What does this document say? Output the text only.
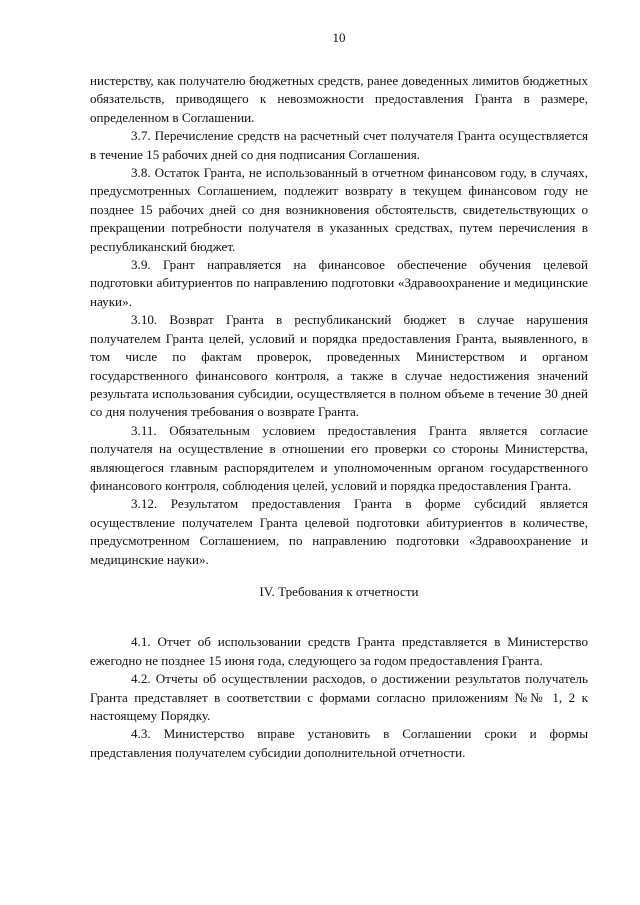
10

нистерству, как получателю бюджетных средств, ранее доведенных лимитов бюджетных обязательств, приводящего к невозможности предоставления Гранта в размере, определенном в Соглашении.

3.7. Перечисление средств на расчетный счет получателя Гранта осуществляется в течение 15 рабочих дней со дня подписания Соглашения.

3.8. Остаток Гранта, не использованный в отчетном финансовом году, в случаях, предусмотренных Соглашением, подлежит возврату в текущем финансовом году не позднее 15 рабочих дней со дня возникновения обстоятельств, свидетельствующих о прекращении потребности получателя в указанных средствах, путем перечисления в республиканский бюджет.

3.9. Грант направляется на финансовое обеспечение обучения целевой подготовки абитуриентов по направлению подготовки «Здравоохранение и медицинские науки».

3.10. Возврат Гранта в республиканский бюджет в случае нарушения получателем Гранта целей, условий и порядка предоставления Гранта, выявленного, в том числе по фактам проверок, проведенных Министерством и органом государственного финансового контроля, а также в случае недостижения значений результата использования субсидии, осуществляется в полном объеме в течение 30 дней со дня получения требования о возврате Гранта.

3.11. Обязательным условием предоставления Гранта является согласие получателя на осуществление в отношении его проверки со стороны Министерства, являющегося главным распорядителем и уполномоченным органом государственного финансового контроля, соблюдения целей, условий и порядка предоставления Гранта.

3.12. Результатом предоставления Гранта в форме субсидий является осуществление получателем Гранта целевой подготовки абитуриентов в количестве, предусмотренном Соглашением, по направлению подготовки «Здравоохранение и медицинские науки».

IV. Требования к отчетности

4.1. Отчет об использовании средств Гранта представляется в Министерство ежегодно не позднее 15 июня года, следующего за годом предоставления Гранта.

4.2. Отчеты об осуществлении расходов, о достижении результатов получатель Гранта представляет в соответствии с формами согласно приложениям №№ 1, 2 к настоящему Порядку.

4.3. Министерство вправе установить в Соглашении сроки и формы представления получателем субсидии дополнительной отчетности.
